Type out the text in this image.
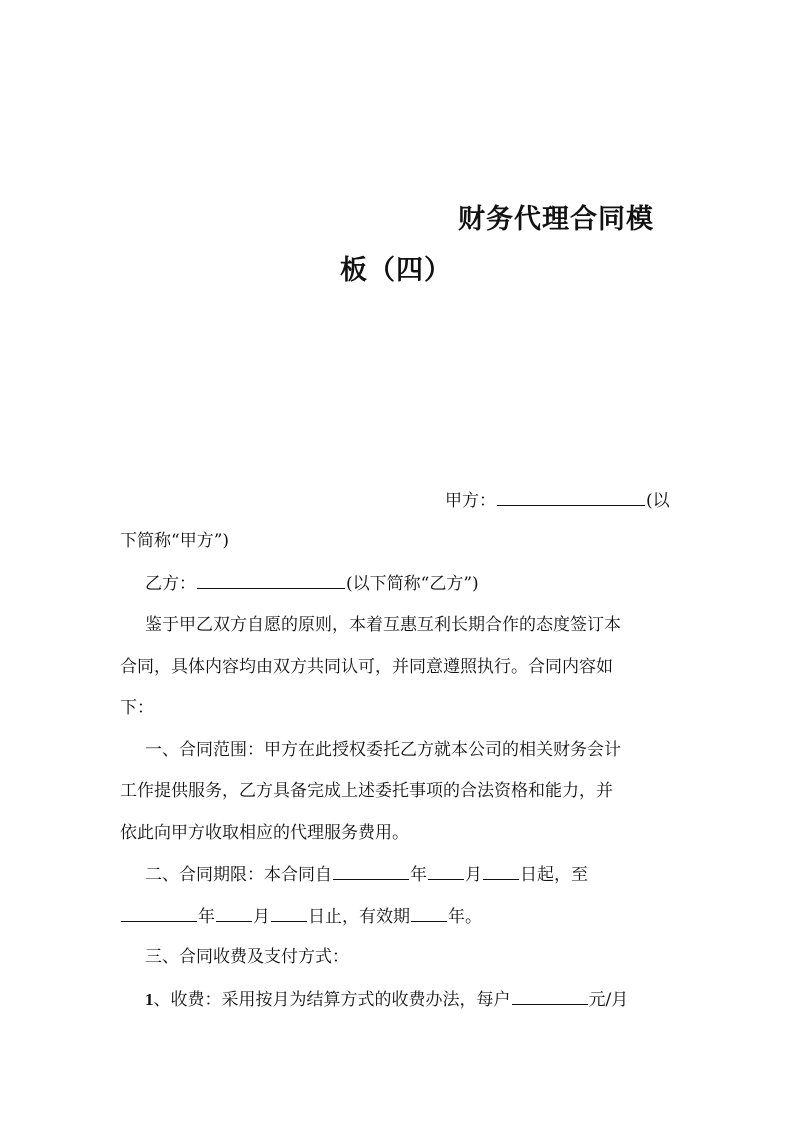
财务代理合同模
板（四）
甲方：	(以
下简称“甲方”)
乙方：	(以下简称“乙方”)
鉴于甲乙双方自愿的原则，本着互惠互利长期合作的态度签订本
合同，具体内容均由双方共同认可，并同意遵照执行。合同内容如
下：
一、合同范围：甲方在此授权委托乙方就本公司的相关财务会计
工作提供服务，乙方具备完成上述委托事项的合法资格和能力，并
依此向甲方收取相应的代理服务费用。
二、合同期限：本合同自	年 月 日起，至
年 月 日止，有效期 年。
三、合同收费及支付方式：
1、收费：采用按月为结算方式的收费办法，每户	元/月
